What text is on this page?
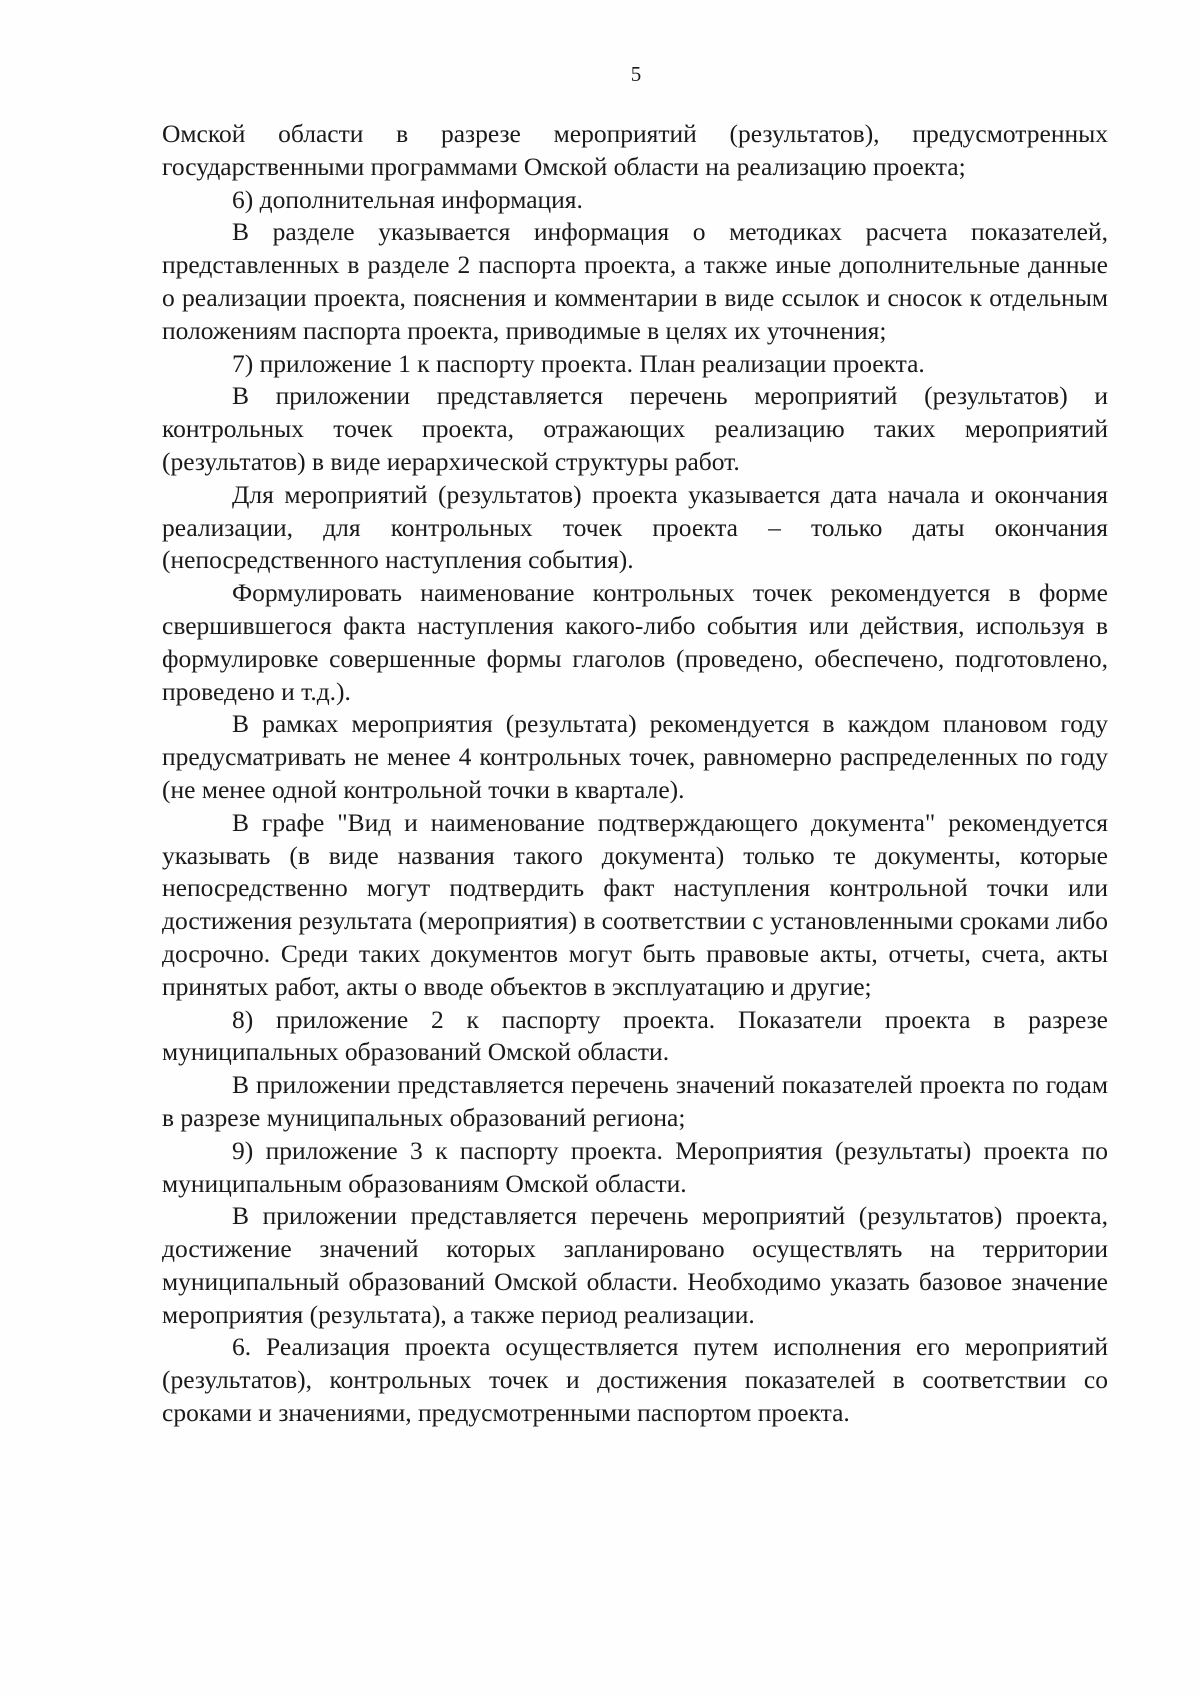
5

Омской области в разрезе мероприятий (результатов), предусмотренных государственными программами Омской области на реализацию проекта;

6) дополнительная информация.

В разделе указывается информация о методиках расчета показателей, представленных в разделе 2 паспорта проекта, а также иные дополнительные данные о реализации проекта, пояснения и комментарии в виде ссылок и сносок к отдельным положениям паспорта проекта, приводимые в целях их уточнения;

7) приложение 1 к паспорту проекта. План реализации проекта.

В приложении представляется перечень мероприятий (результатов) и контрольных точек проекта, отражающих реализацию таких мероприятий (результатов) в виде иерархической структуры работ.

Для мероприятий (результатов) проекта указывается дата начала и окончания реализации, для контрольных точек проекта – только даты окончания (непосредственного наступления события).

Формулировать наименование контрольных точек рекомендуется в форме свершившегося факта наступления какого-либо события или действия, используя в формулировке совершенные формы глаголов (проведено, обеспечено, подготовлено, проведено и т.д.).

В рамках мероприятия (результата) рекомендуется в каждом плановом году предусматривать не менее 4 контрольных точек, равномерно распределенных по году (не менее одной контрольной точки в квартале).

В графе "Вид и наименование подтверждающего документа" рекомендуется указывать (в виде названия такого документа) только те документы, которые непосредственно могут подтвердить факт наступления контрольной точки или достижения результата (мероприятия) в соответствии с установленными сроками либо досрочно. Среди таких документов могут быть правовые акты, отчеты, счета, акты принятых работ, акты о вводе объектов в эксплуатацию и другие;

8) приложение 2 к паспорту проекта. Показатели проекта в разрезе муниципальных образований Омской области.

В приложении представляется перечень значений показателей проекта по годам в разрезе муниципальных образований региона;

9) приложение 3 к паспорту проекта. Мероприятия (результаты) проекта по муниципальным образованиям Омской области.

В приложении представляется перечень мероприятий (результатов) проекта, достижение значений которых запланировано осуществлять на территории муниципальный образований Омской области. Необходимо указать базовое значение мероприятия (результата), а также период реализации.

6. Реализация проекта осуществляется путем исполнения его мероприятий (результатов), контрольных точек и достижения показателей в соответствии со сроками и значениями, предусмотренными паспортом проекта.
